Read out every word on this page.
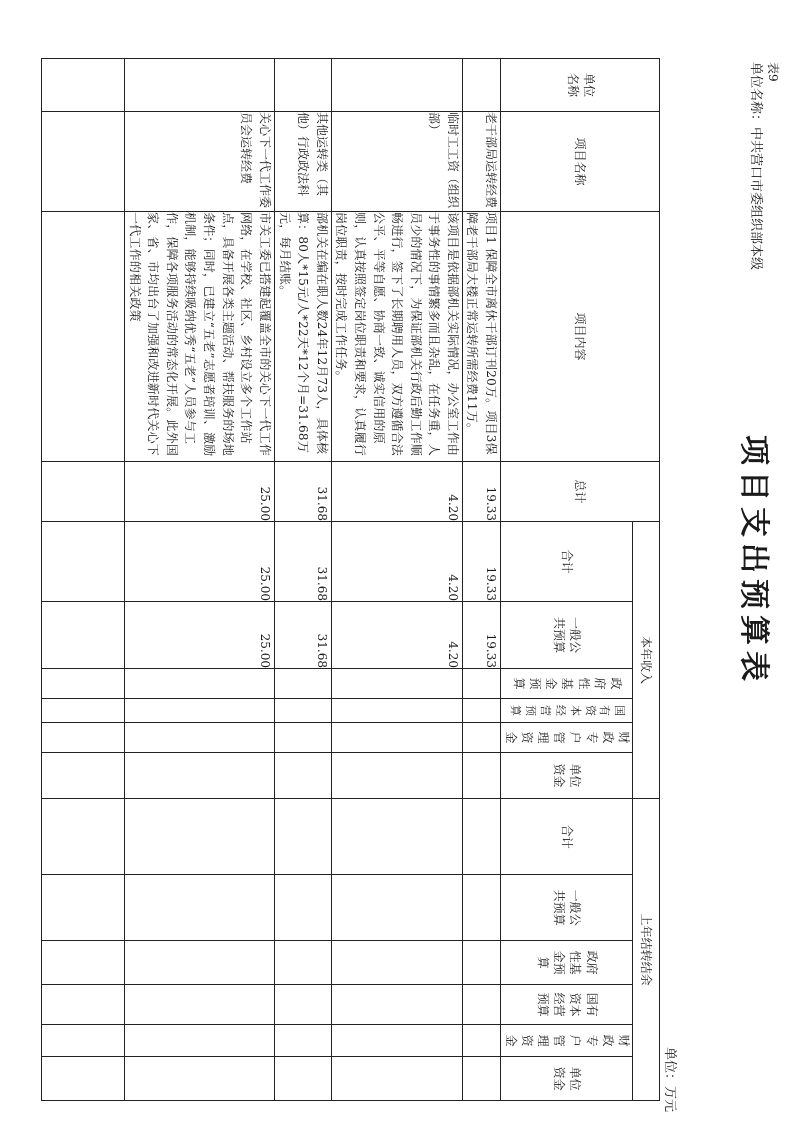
表9
项目支出预算表
单位名称：中共营口市委组织部本级
单位：万元
单位名称	项目名称	项目内容	总计	本年收入						上年结转结余					
				合计	一般公共预算	政府性基金预算	国有资本经营预算	财政专户管理资金	单位资金	合计	一般公共预算	政府性基金预算	国有资本经营预算	财政专户管理资金	单位资金

	老干部局运转经费	项目1 保障全市离休干部订刊20万。项目3保障老干部局大楼正常运转所需经费11万。	19.33	19.33	19.33										
	临时工工资（组织部）	该项目是依据部机关实际情况，办公室工作由于事务性的事情繁多而且杂乱，在任务重，人员少的情况下，为保证部机关行政后勤工作顺畅进行，签下了长期聘用人员，双方遵循合法公平、平等自愿、协商一致、诚实信用的原则，认真按照签定岗位职责和要求，认真履行岗位职责，按时完成工作任务。	4.20	4.20	4.20										
	其他运转类（其他）行政政法科	部机关在编在职人数24年12月73人，具体核算：80人*15元/人*22天*12个月=31.68万元，每月结账。	31.68	31.68	31.68										
	关心下一代工作委员会运转经费	市关工委已搭建起覆盖全市的关心下一代工作网络，在学校、社区、乡村设立多个工作站点，具备开展各类主题活动、帮扶服务的场地条件；同时，已建立“五老”志愿者培训、激励机制，能够持续吸纳优秀“五老”人员参与工作，保障各项服务活动的常态化开展。此外国家、省、市均出台了加强和改进新时代关心下一代工作的相关政策	25.00	25.00	25.00										
